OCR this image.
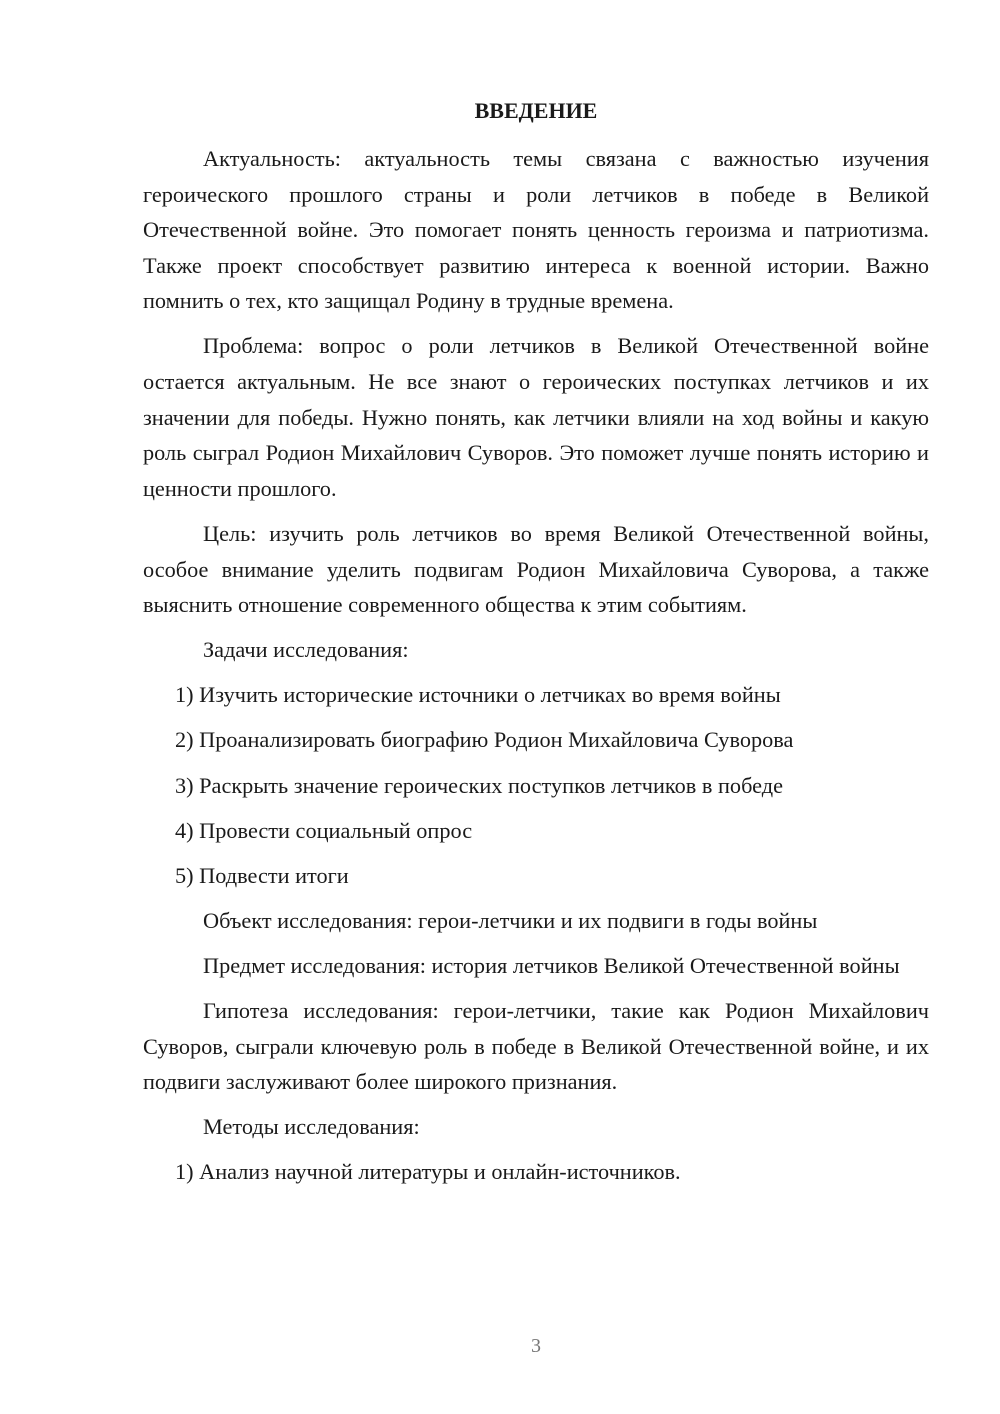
ВВЕДЕНИЕ

Актуальность: актуальность темы связана с важностью изучения героического прошлого страны и роли летчиков в победе в Великой Отечественной войне. Это помогает понять ценность героизма и патриотизма. Также проект способствует развитию интереса к военной истории. Важно помнить о тех, кто защищал Родину в трудные времена.

Проблема: вопрос о роли летчиков в Великой Отечественной войне остается актуальным. Не все знают о героических поступках летчиков и их значении для победы. Нужно понять, как летчики влияли на ход войны и какую роль сыграл Родион Михайлович Суворов. Это поможет лучше понять историю и ценности прошлого.

Цель: изучить роль летчиков во время Великой Отечественной войны, особое внимание уделить подвигам Родион Михайловича Суворова, а также выяснить отношение современного общества к этим событиям.

Задачи исследования:

1) Изучить исторические источники о летчиках во время войны

2) Проанализировать биографию Родион Михайловича Суворова

3) Раскрыть значение героических поступков летчиков в победе

4) Провести социальный опрос

5) Подвести итоги

Объект исследования: герои-летчики и их подвиги в годы войны

Предмет исследования: история летчиков Великой Отечественной войны

Гипотеза исследования: герои-летчики, такие как Родион Михайлович Суворов, сыграли ключевую роль в победе в Великой Отечественной войне, и их подвиги заслуживают более широкого признания.

Методы исследования:

1) Анализ научной литературы и онлайн-источников.

3
